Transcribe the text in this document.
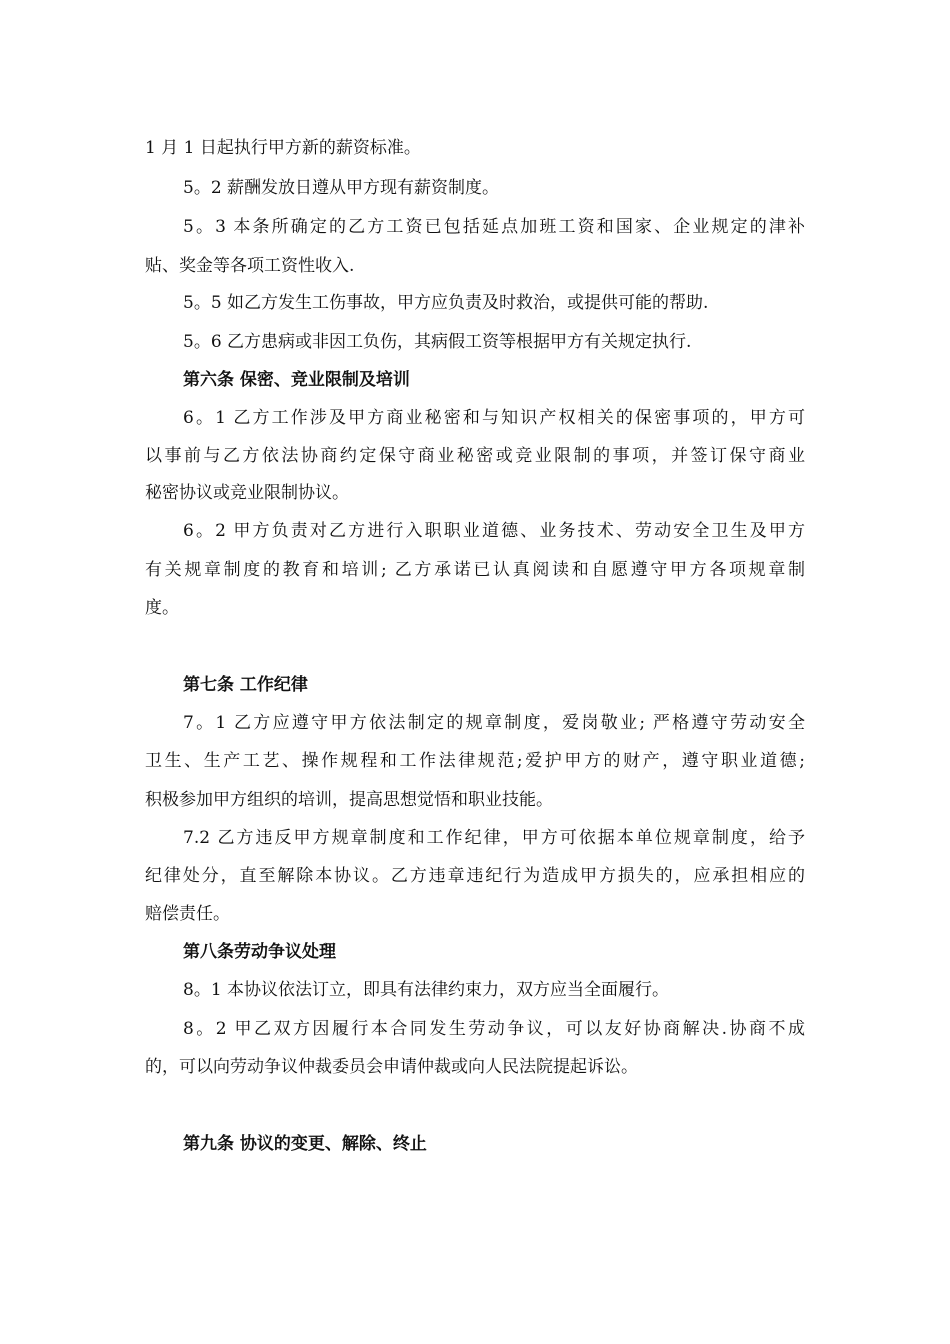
1 月 1 日起执行甲方新的薪资标准。
5。2 薪酬发放日遵从甲方现有薪资制度。
5。3 本条所确定的乙方工资已包括延点加班工资和国家、企业规定的津补
贴、奖金等各项工资性收入.
5。5 如乙方发生工伤事故，甲方应负责及时救治，或提供可能的帮助.
5。6 乙方患病或非因工负伤，其病假工资等根据甲方有关规定执行.
第六条 保密、竞业限制及培训
6。1 乙方工作涉及甲方商业秘密和与知识产权相关的保密事项的，甲方可
以事前与乙方依法协商约定保守商业秘密或竞业限制的事项，并签订保守商业
秘密协议或竞业限制协议。
6。2 甲方负责对乙方进行入职职业道德、业务技术、劳动安全卫生及甲方
有关规章制度的教育和培训; 乙方承诺已认真阅读和自愿遵守甲方各项规章制
度。
第七条 工作纪律
7。1 乙方应遵守甲方依法制定的规章制度，爱岗敬业; 严格遵守劳动安全
卫生、生产工艺、操作规程和工作法律规范;爱护甲方的财产，遵守职业道德;
积极参加甲方组织的培训，提高思想觉悟和职业技能。
7.2 乙方违反甲方规章制度和工作纪律，甲方可依据本单位规章制度，给予
纪律处分，直至解除本协议。乙方违章违纪行为造成甲方损失的，应承担相应的
赔偿责任。
第八条劳动争议处理
8。1 本协议依法订立，即具有法律约束力，双方应当全面履行。
8。2 甲乙双方因履行本合同发生劳动争议，可以友好协商解决.协商不成
的，可以向劳动争议仲裁委员会申请仲裁或向人民法院提起诉讼。
第九条 协议的变更、解除、终止
